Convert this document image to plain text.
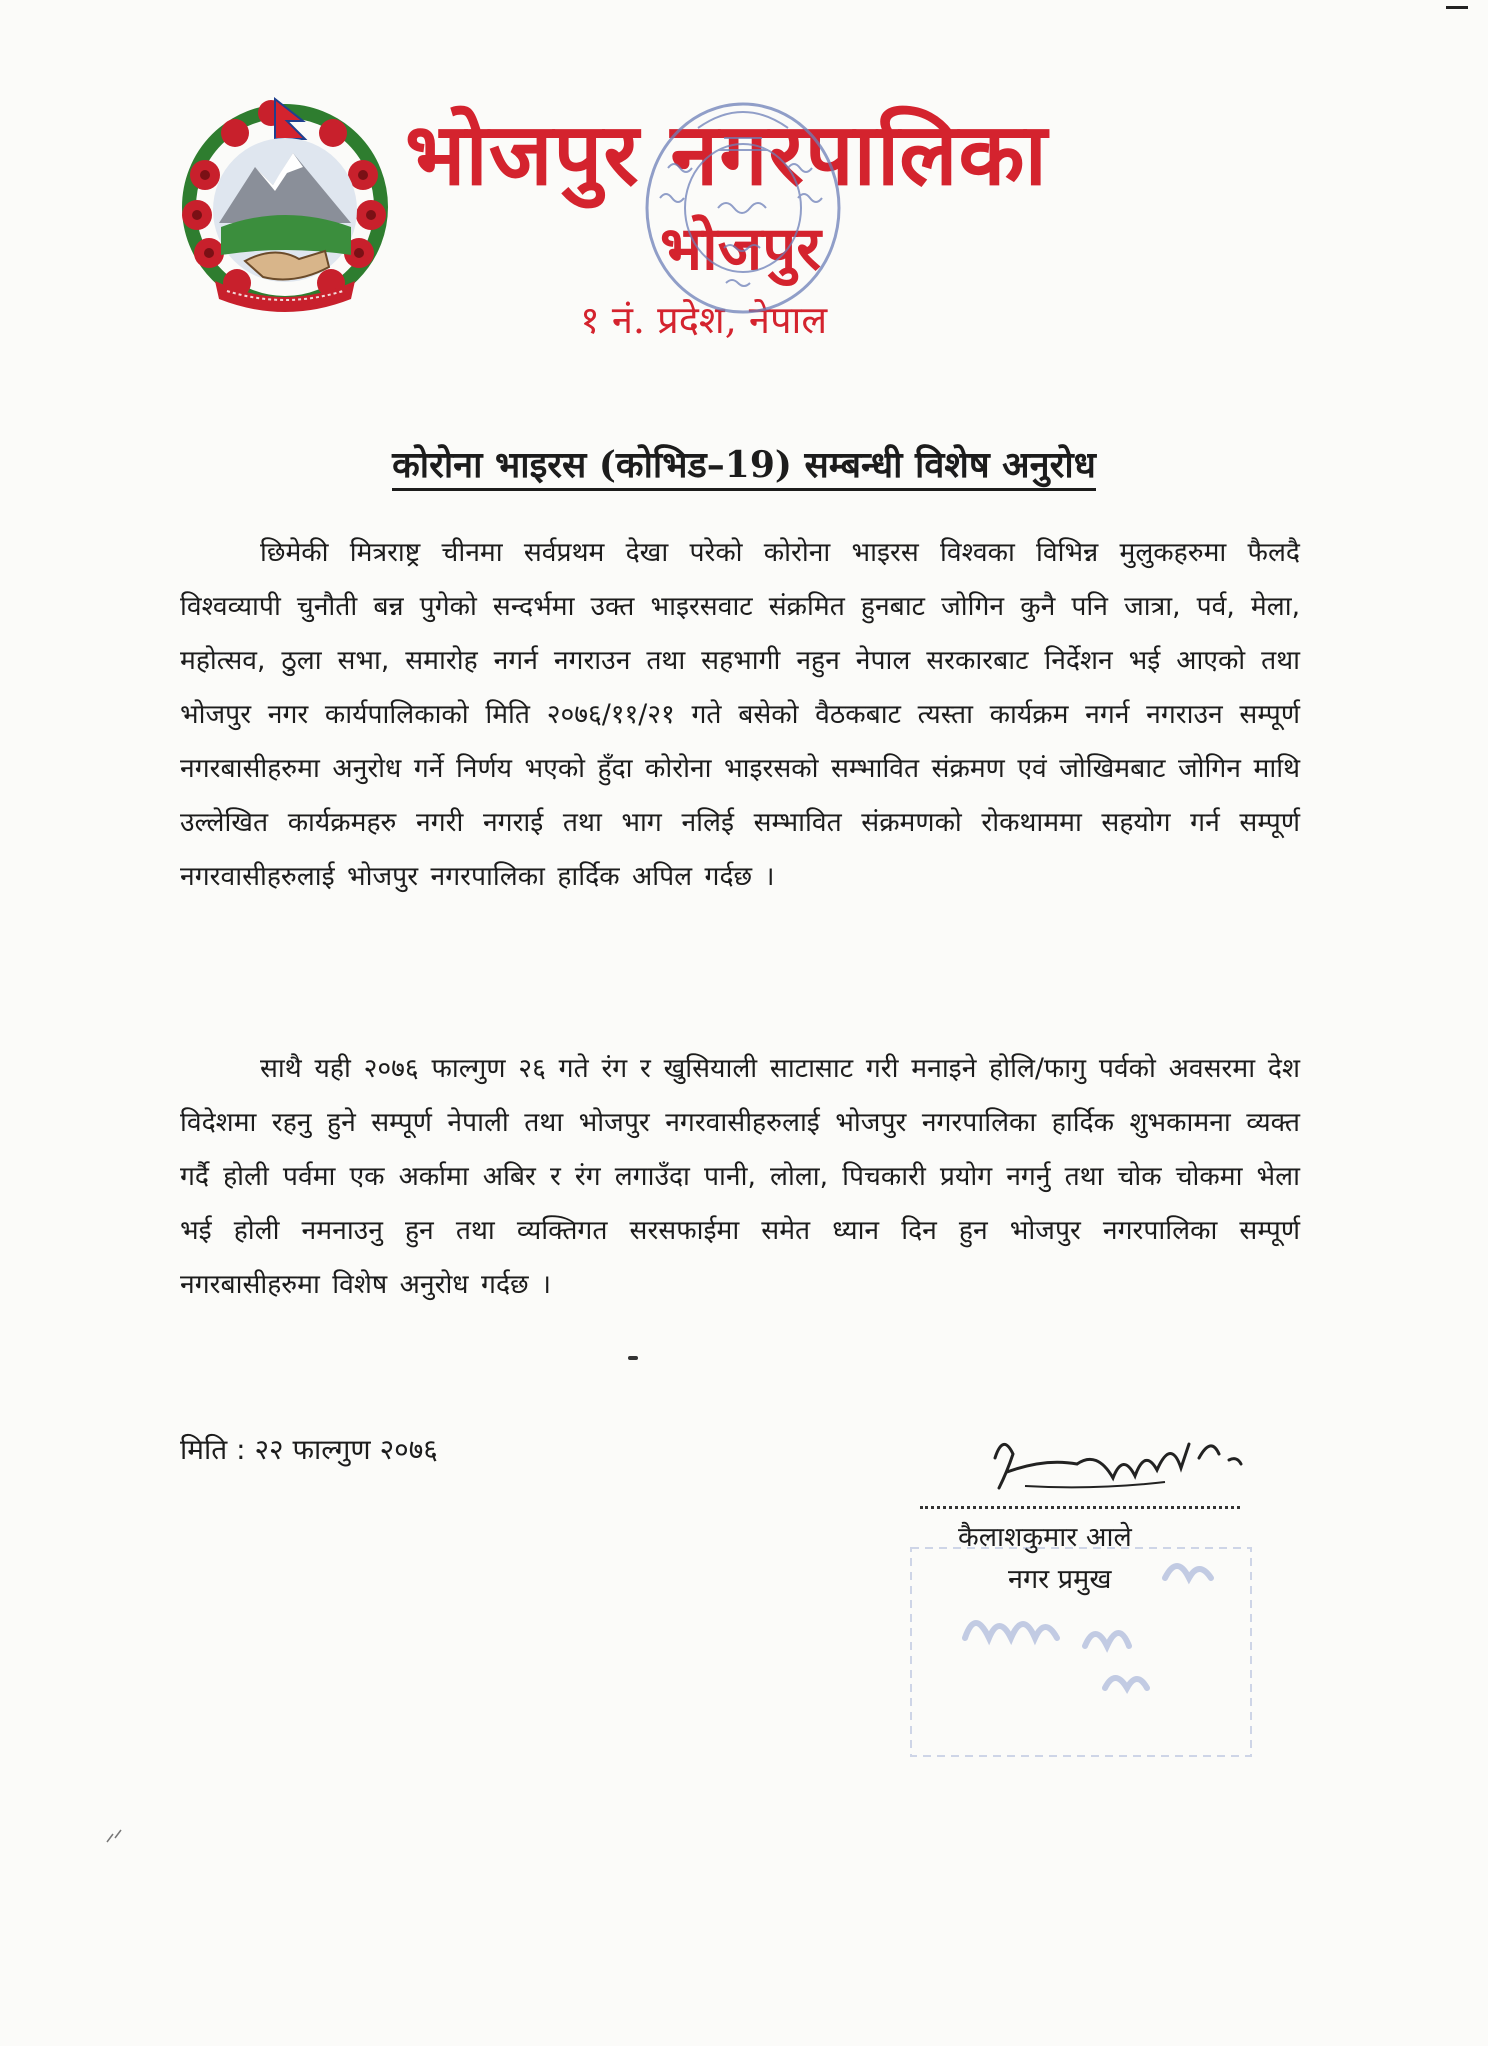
भोजपुर नगरपालिका
भोजपुर

१ नं. प्रदेश, नेपाल

कोरोना भाइरस (कोभिड–19) सम्बन्धी विशेष अनुरोध

छिमेकी मित्रराष्ट्र चीनमा सर्वप्रथम देखा परेको कोरोना भाइरस विश्वका विभिन्न मुलुकहरुमा फैलदै विश्वव्यापी चुनौती बन्न पुगेको सन्दर्भमा उक्त भाइरसवाट संक्रमित हुनबाट जोगिन कुनै पनि जात्रा, पर्व, मेला, महोत्सव, ठुला सभा, समारोह नगर्न नगराउन तथा सहभागी नहुन नेपाल सरकारबाट निर्देशन भई आएको तथा भोजपुर नगर कार्यपालिकाको मिति २०७६/११/२१ गते बसेको वैठकबाट त्यस्ता कार्यक्रम नगर्न नगराउन सम्पूर्ण नगरबासीहरुमा अनुरोध गर्ने निर्णय भएको हुँदा कोरोना भाइरसको सम्भावित संक्रमण एवं जोखिमबाट जोगिन माथि उल्लेखित कार्यक्रमहरु नगरी नगराई तथा भाग नलिई सम्भावित संक्रमणको रोकथाममा सहयोग गर्न सम्पूर्ण नगरवासीहरुलाई भोजपुर नगरपालिका हार्दिक अपिल गर्दछ ।

साथै यही २०७६ फाल्गुण २६ गते रंग र खुसियाली साटासाट गरी मनाइने होलि/फागु पर्वको अवसरमा देश विदेशमा रहनु हुने सम्पूर्ण नेपाली तथा भोजपुर नगरवासीहरुलाई भोजपुर नगरपालिका हार्दिक शुभकामना व्यक्त गर्दै होली पर्वमा एक अर्कामा अबिर र रंग लगाउँदा पानी, लोला, पिचकारी प्रयोग नगर्नु तथा चोक चोकमा भेला भई होली नमनाउनु हुन तथा व्यक्तिगत सरसफाईमा समेत ध्यान दिन हुन भोजपुर नगरपालिका सम्पूर्ण नगरबासीहरुमा विशेष अनुरोध गर्दछ ।

मिति : २२ फाल्गुण २०७६

कैलाशकुमार आले

नगर प्रमुख
